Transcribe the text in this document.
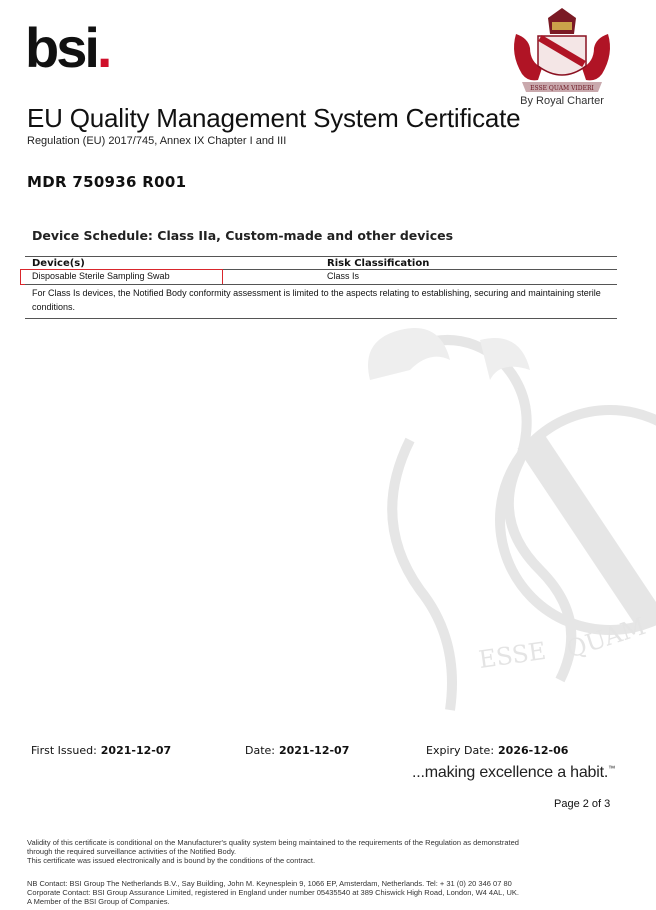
bsi.
ESSE QUAM VIDERI
By Royal Charter
EU Quality Management System Certificate
Regulation (EU) 2017/745, Annex IX Chapter I and III
MDR 750936 R001
ESSE QUAM
Device Schedule: Class IIa, Custom-made and other devices
Device(s)	Risk Classification
Disposable Sterile Sampling Swab	Class Is
For Class Is devices, the Notified Body conformity assessment is limited to the aspects relating to establishing, securing and maintaining sterile conditions.
First Issued: 2021-12-07	Date: 2021-12-07	Expiry Date: 2026-12-06
...making excellence a habit.™
Page 2 of 3
Validity of this certificate is conditional on the Manufacturer's quality system being maintained to the requirements of the Regulation as demonstrated
through the required surveillance activities of the Notified Body.
This certificate was issued electronically and is bound by the conditions of the contract.
NB Contact: BSI Group The Netherlands B.V., Say Building, John M. Keynesplein 9, 1066 EP, Amsterdam, Netherlands. Tel: + 31 (0) 20 346 07 80
Corporate Contact: BSI Group Assurance Limited, registered in England under number 05435540 at 389 Chiswick High Road, London, W4 4AL, UK.
A Member of the BSI Group of Companies.
